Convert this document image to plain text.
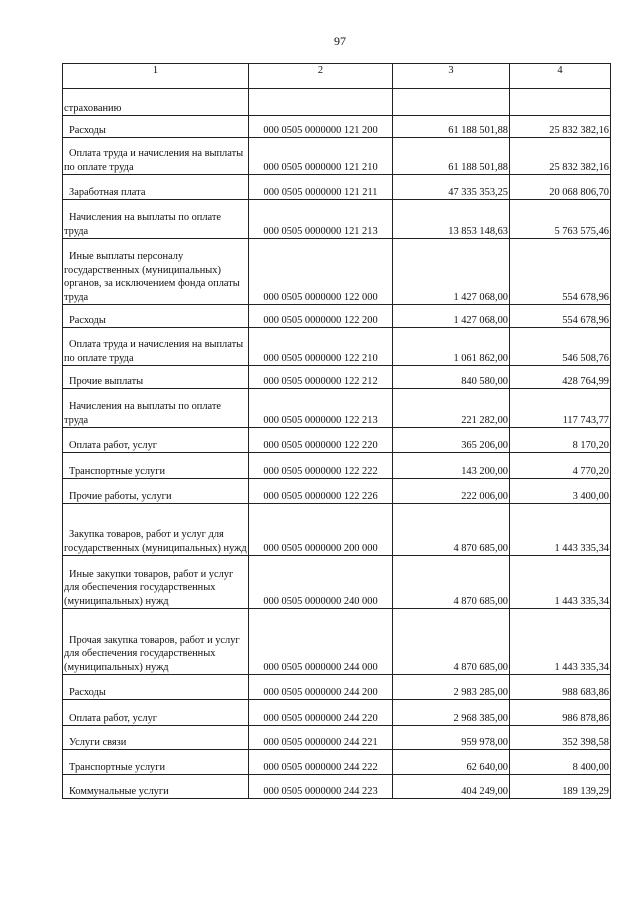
97
1	2	3	4
страхованию			
Расходы	000 0505 0000000 121 200	61 188 501,88	25 832 382,16
Оплата труда и начисления на выплаты по оплате труда	000 0505 0000000 121 210	61 188 501,88	25 832 382,16
Заработная плата	000 0505 0000000 121 211	47 335 353,25	20 068 806,70
Начисления на выплаты по оплате труда	000 0505 0000000 121 213	13 853 148,63	5 763 575,46
Иные выплаты персоналу государственных (муниципальных) органов, за исключением фонда оплаты труда	000 0505 0000000 122 000	1 427 068,00	554 678,96
Расходы	000 0505 0000000 122 200	1 427 068,00	554 678,96
Оплата труда и начисления на выплаты по оплате труда	000 0505 0000000 122 210	1 061 862,00	546 508,76
Прочие выплаты	000 0505 0000000 122 212	840 580,00	428 764,99
Начисления на выплаты по оплате труда	000 0505 0000000 122 213	221 282,00	117 743,77
Оплата работ, услуг	000 0505 0000000 122 220	365 206,00	8 170,20
Транспортные услуги	000 0505 0000000 122 222	143 200,00	4 770,20
Прочие работы, услуги	000 0505 0000000 122 226	222 006,00	3 400,00
Закупка товаров, работ и услуг для государственных (муниципальных) нужд	000 0505 0000000 200 000	4 870 685,00	1 443 335,34
Иные закупки товаров, работ и услуг для обеспечения государственных (муниципальных) нужд	000 0505 0000000 240 000	4 870 685,00	1 443 335,34
Прочая закупка товаров, работ и услуг для обеспечения государственных (муниципальных) нужд	000 0505 0000000 244 000	4 870 685,00	1 443 335,34
Расходы	000 0505 0000000 244 200	2 983 285,00	988 683,86
Оплата работ, услуг	000 0505 0000000 244 220	2 968 385,00	986 878,86
Услуги связи	000 0505 0000000 244 221	959 978,00	352 398,58
Транспортные услуги	000 0505 0000000 244 222	62 640,00	8 400,00
Коммунальные услуги	000 0505 0000000 244 223	404 249,00	189 139,29
